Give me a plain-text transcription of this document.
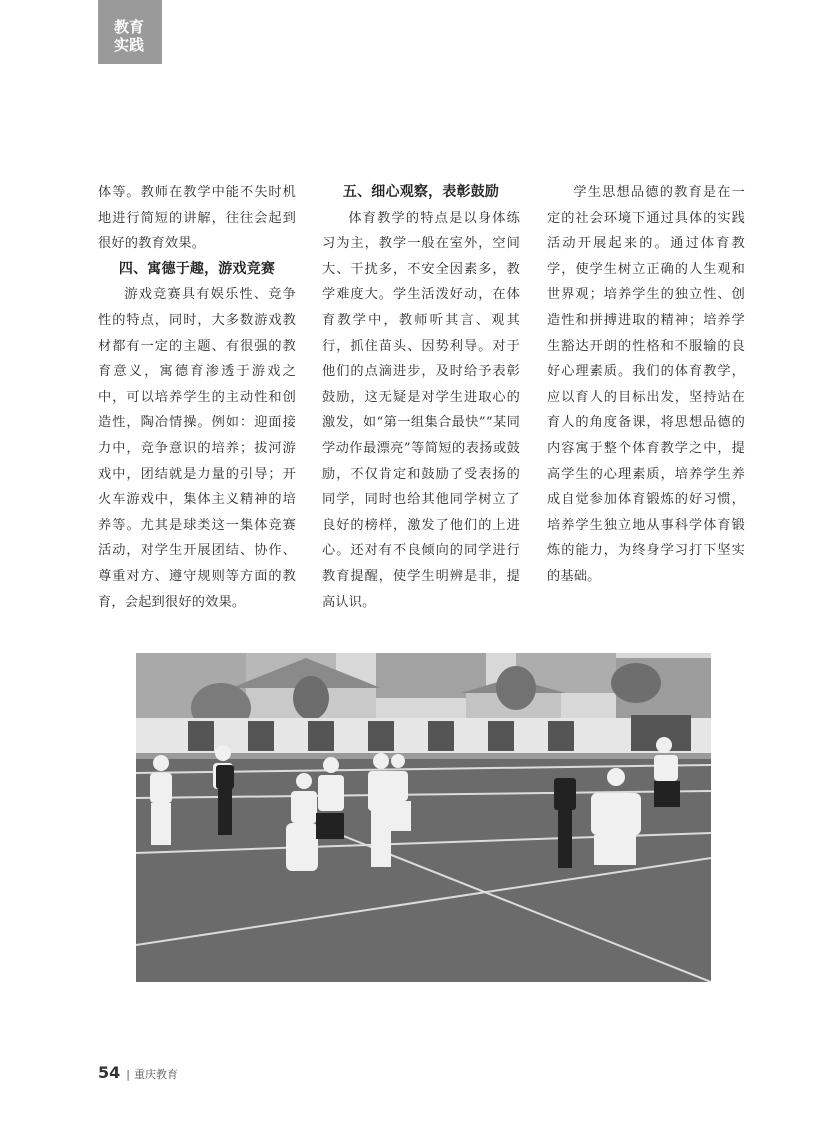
教育
实践

体等。教师在教学中能不失时机地进行简短的讲解，往往会起到很好的教育效果。

四、寓德于趣，游戏竞赛

游戏竞赛具有娱乐性、竞争性的特点，同时，大多数游戏教材都有一定的主题、有很强的教育意义，寓德育渗透于游戏之中，可以培养学生的主动性和创造性，陶冶情操。例如：迎面接力中，竞争意识的培养；拔河游戏中，团结就是力量的引导；开火车游戏中，集体主义精神的培养等。尤其是球类这一集体竞赛活动，对学生开展团结、协作、尊重对方、遵守规则等方面的教育，会起到很好的效果。

五、细心观察，表彰鼓励

体育教学的特点是以身体练习为主，教学一般在室外，空间大、干扰多，不安全因素多，教学难度大。学生活泼好动，在体育教学中，教师听其言、观其行，抓住苗头、因势利导。对于他们的点滴进步，及时给予表彰鼓励，这无疑是对学生进取心的激发，如“第一组集合最快”“某同学动作最漂亮”等简短的表扬或鼓励，不仅肯定和鼓励了受表扬的同学，同时也给其他同学树立了良好的榜样，激发了他们的上进心。还对有不良倾向的同学进行教育提醒，使学生明辨是非，提高认识。

学生思想品德的教育是在一定的社会环境下通过具体的实践活动开展起来的。通过体育教学，使学生树立正确的人生观和世界观；培养学生的独立性、创造性和拼搏进取的精神；培养学生豁达开朗的性格和不服输的良好心理素质。我们的体育教学，应以育人的目标出发，坚持站在育人的角度备课，将思想品德的内容寓于整个体育教学之中，提高学生的心理素质，培养学生养成自觉参加体育锻炼的好习惯，培养学生独立地从事科学体育锻炼的能力，为终身学习打下坚实的基础。

54 | 重庆教育
